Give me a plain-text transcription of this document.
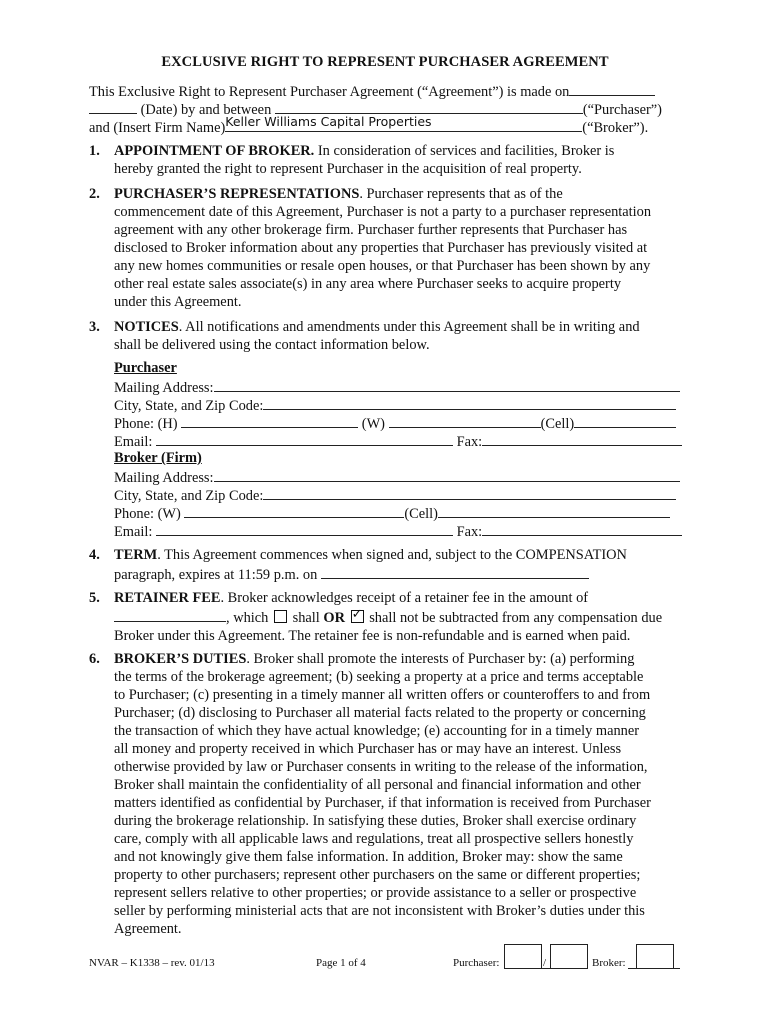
EXCLUSIVE RIGHT TO REPRESENT PURCHASER AGREEMENT
This Exclusive Right to Represent Purchaser Agreement (“Agreement”) is made on
(Date) by and between	(“Purchaser”)
and (Insert Firm Name) Keller Williams Capital Properties	(“Broker”).
1. APPOINTMENT OF BROKER. In consideration of services and facilities, Broker is
hereby granted the right to represent Purchaser in the acquisition of real property.
2. PURCHASER’S REPRESENTATIONS. Purchaser represents that as of the
commencement date of this Agreement, Purchaser is not a party to a purchaser representation
agreement with any other brokerage firm. Purchaser further represents that Purchaser has
disclosed to Broker information about any properties that Purchaser has previously visited at
any new homes communities or resale open houses, or that Purchaser has been shown by any
other real estate sales associate(s) in any area where Purchaser seeks to acquire property
under this Agreement.
3. NOTICES. All notifications and amendments under this Agreement shall be in writing and
shall be delivered using the contact information below.
Purchaser
Mailing Address:
City, State, and Zip Code:
Phone: (H)	(W)	(Cell)
Email:	Fax:
Broker (Firm)
Mailing Address:
City, State, and Zip Code:
Phone: (W)	(Cell)
Email:	Fax:
4. TERM. This Agreement commences when signed and, subject to the COMPENSATION
paragraph, expires at 11:59 p.m. on
5. RETAINER FEE. Broker acknowledges receipt of a retainer fee in the amount of
, which shall OR ✓ shall not be subtracted from any compensation due
Broker under this Agreement. The retainer fee is non-refundable and is earned when paid.
6. BROKER’S DUTIES. Broker shall promote the interests of Purchaser by: (a) performing
the terms of the brokerage agreement; (b) seeking a property at a price and terms acceptable
to Purchaser; (c) presenting in a timely manner all written offers or counteroffers to and from
Purchaser; (d) disclosing to Purchaser all material facts related to the property or concerning
the transaction of which they have actual knowledge; (e) accounting for in a timely manner
all money and property received in which Purchaser has or may have an interest. Unless
otherwise provided by law or Purchaser consents in writing to the release of the information,
Broker shall maintain the confidentiality of all personal and financial information and other
matters identified as confidential by Purchaser, if that information is received from Purchaser
during the brokerage relationship. In satisfying these duties, Broker shall exercise ordinary
care, comply with all applicable laws and regulations, treat all prospective sellers honestly
and not knowingly give them false information. In addition, Broker may: show the same
property to other purchasers; represent other purchasers on the same or different properties;
represent sellers relative to other properties; or provide assistance to a seller or prospective
seller by performing ministerial acts that are not inconsistent with Broker’s duties under this
Agreement.
NVAR – K1338 – rev. 01/13	Page 1 of 4	Purchaser:	/	Broker:
